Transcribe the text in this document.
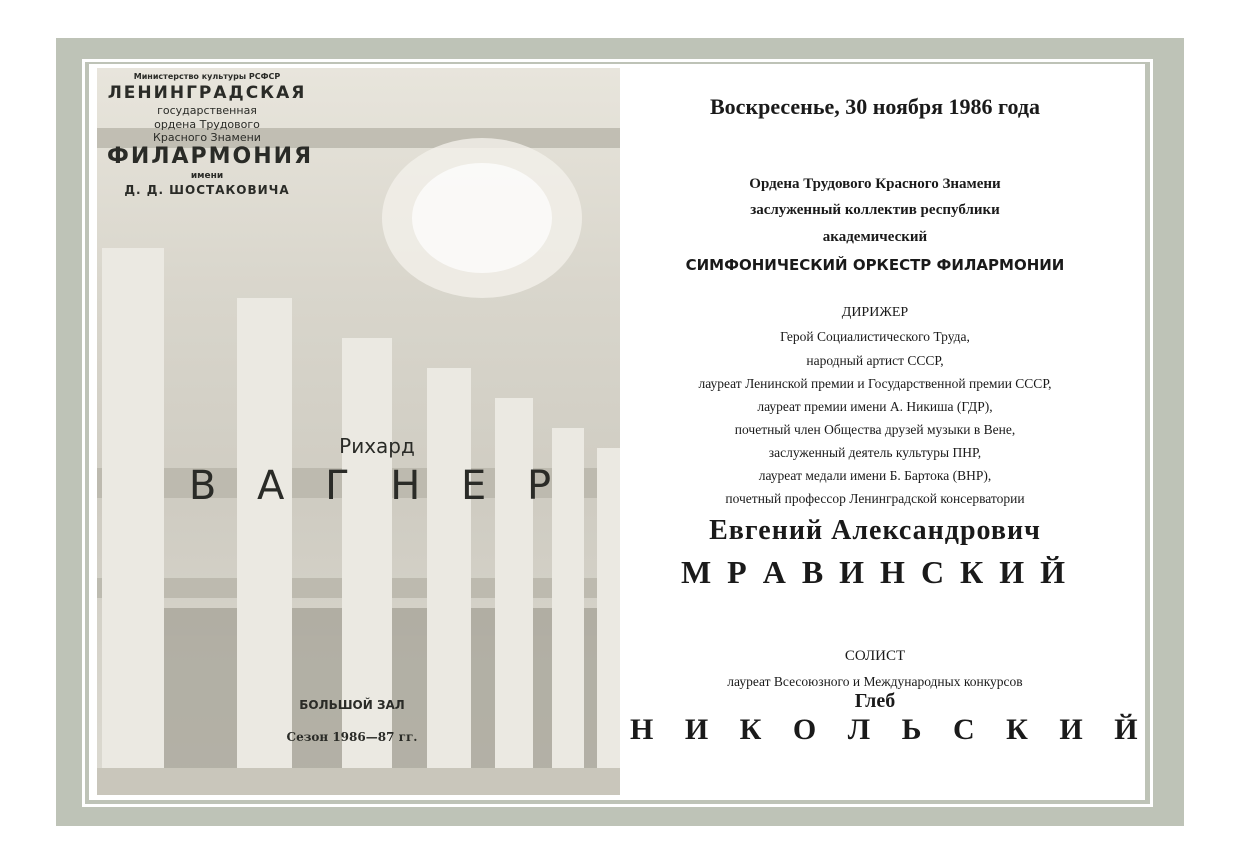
Министерство культуры РСФСР
ЛЕНИНГРАДСКАЯ
государственная
ордена Трудового
Красного Знамени
ФИЛАРМОНИЯ
имени
Д. Д. ШОСТАКОВИЧА
Рихард
В А Г Н Е Р
БОЛЬШОЙ ЗАЛ
Сезон 1986—87 гг.
Воскресенье, 30 ноября 1986 года
Ордена Трудового Красного Знамени
заслуженный коллектив республики
академический
СИМФОНИЧЕСКИЙ ОРКЕСТР ФИЛАРМОНИИ
ДИРИЖЕР
Герой Социалистического Труда,
народный артист СССР,
лауреат Ленинской премии и Государственной премии СССР,
лауреат премии имени А. Никиша (ГДР),
почетный член Общества друзей музыки в Вене,
заслуженный деятель культуры ПНР,
лауреат медали имени Б. Бартока (ВНР),
почетный профессор Ленинградской консерватории
Евгений Александрович
М Р А В И Н С К И Й
СОЛИСТ
лауреат Всесоюзного и Международных конкурсов
Глеб
Н И К О Л Ь С К И Й
